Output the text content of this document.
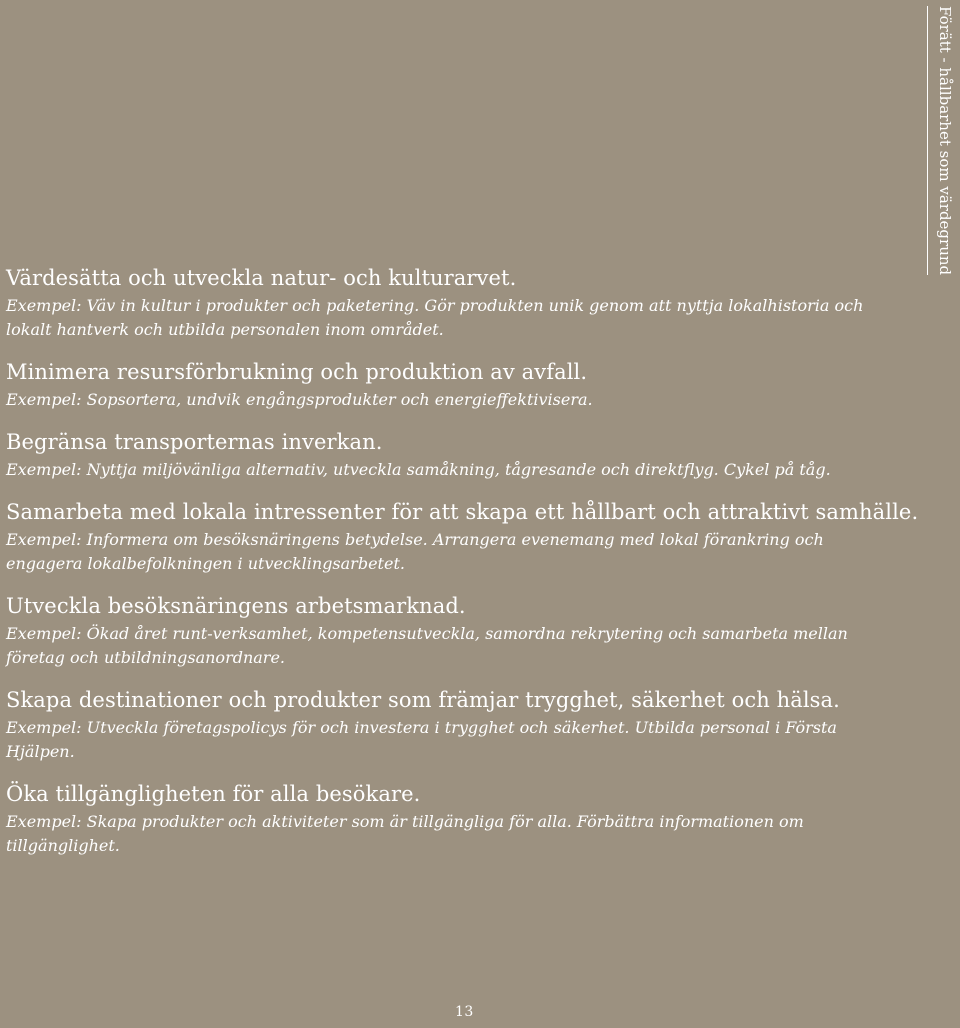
Förätt - hållbarhet som värdegrund
Värdesätta och utveckla natur- och kulturarvet.

Exempel: Väv in kultur i produkter och paketering. Gör produkten unik genom att nyttja lokalhistoria och lokalt hantverk och utbilda personalen inom området.

Minimera resursförbrukning och produktion av avfall.

Exempel: Sopsortera, undvik engångsprodukter och energieffektivisera.

Begränsa transporternas inverkan.

Exempel: Nyttja miljövänliga alternativ, utveckla samåkning, tågresande och direktflyg. Cykel på tåg.

Samarbeta med lokala intressenter för att skapa ett hållbart och attraktivt samhälle.

Exempel: Informera om besöksnäringens betydelse. Arrangera evenemang med lokal förankring och engagera lokalbefolkningen i utvecklingsarbetet.

Utveckla besöksnäringens arbetsmarknad.

Exempel: Ökad året runt-verksamhet, kompetensutveckla, samordna rekrytering och samarbeta mellan företag och utbildningsanordnare.

Skapa destinationer och produkter som främjar trygghet, säkerhet och hälsa.

Exempel: Utveckla företagspolicys för och investera i trygghet och säkerhet. Utbilda personal i Första Hjälpen.

Öka tillgängligheten för alla besökare.

Exempel: Skapa produkter och aktiviteter som är tillgängliga för alla. Förbättra informationen om tillgänglighet.

13
